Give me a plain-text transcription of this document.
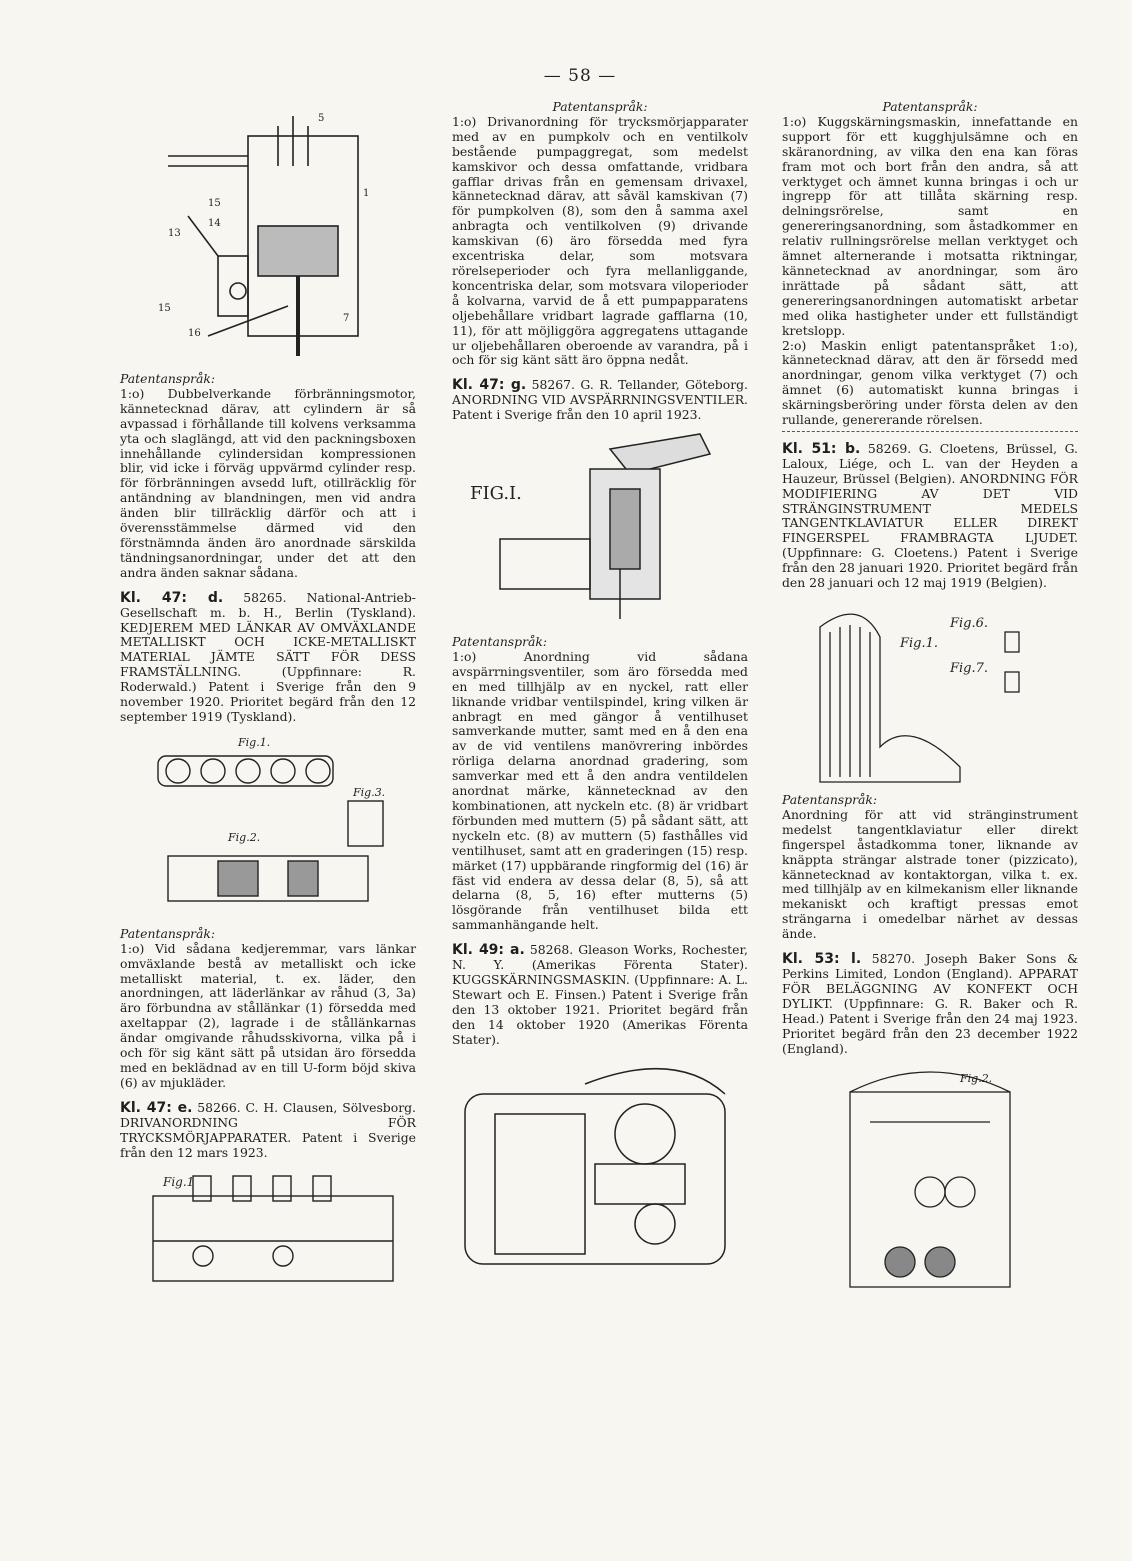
— 58 —
5
1
15
14
13
15
16
7

Patentanspråk:

1:o) Dubbelverkande förbränningsmotor, kännetecknad därav, att cylindern är så avpassad i förhållande till kolvens verksamma yta och slaglängd, att vid den packningsboxen innehållande cylindersidan kompressionen blir, vid icke i förväg uppvärmd cylinder resp. för förbränningen avsedd luft, otillräcklig för antändning av blandningen, men vid andra änden blir tillräcklig därför och att i överensstämmelse därmed vid den förstnämnda änden äro anordnade särskilda tändningsanordningar, under det att den andra änden saknar sådana.

Kl. 47: d. 58265. National-Antrieb-Gesellschaft m. b. H., Berlin (Tyskland). KEDJEREM MED LÄNKAR AV OMVÄXLANDE METALLISKT OCH ICKE-METALLISKT MATERIAL JÄMTE SÄTT FÖR DESS FRAMSTÄLLNING. (Uppfinnare: R. Roderwald.) Patent i Sverige från den 9 november 1920. Prioritet begärd från den 12 september 1919 (Tyskland).

Fig.1.
Fig.2.
Fig.3.

Patentanspråk:

1:o) Vid sådana kedjeremmar, vars länkar omväxlande bestå av metalliskt och icke metalliskt material, t. ex. läder, den anordningen, att läderlänkar av råhud (3, 3a) äro förbundna av stållänkar (1) försedda med axeltappar (2), lagrade i de stållänkarnas ändar omgivande råhudsskivorna, vilka på i och för sig känt sätt på utsidan äro försedda med en beklädnad av en till U-form böjd skiva (6) av mjukläder.

Kl. 47: e. 58266. C. H. Clausen, Sölvesborg. DRIVANORDNING FÖR TRYCKSMÖRJAPPARATER. Patent i Sverige från den 12 mars 1923.

Fig.1

Patentanspråk:

1:o) Drivanordning för trycksmörjapparater med av en pumpkolv och en ventilkolv bestående pumpaggregat, som medelst kamskivor och dessa omfattande, vridbara gafflar drivas från en gemensam drivaxel, kännetecknad därav, att såväl kamskivan (7) för pumpkolven (8), som den å samma axel anbragta och ventilkolven (9) drivande kamskivan (6) äro försedda med fyra excentriska delar, som motsvara rörelseperioder och fyra mellanliggande, koncentriska delar, som motsvara viloperioder å kolvarna, varvid de å ett pumpapparatens oljebehållare vridbart lagrade gafflarna (10, 11), för att möjliggöra aggregatens uttagande ur oljebehållaren oberoende av varandra, på i och för sig känt sätt äro öppna nedåt.

Kl. 47: g. 58267. G. R. Tellander, Göteborg. ANORDNING VID AVSPÄRRNINGSVENTILER. Patent i Sverige från den 10 april 1923.

FIG.I.

Patentanspråk:

1:o) Anordning vid sådana avspärrningsventiler, som äro försedda med en med tillhjälp av en nyckel, ratt eller liknande vridbar ventilspindel, kring vilken är anbragt en med gängor å ventilhuset samverkande mutter, samt med en å den ena av de vid ventilens manövrering inbördes rörliga delarna anordnad gradering, som samverkar med ett å den andra ventildelen anordnat märke, kännetecknad av den kombinationen, att nyckeln etc. (8) är vridbart förbunden med muttern (5) på sådant sätt, att nyckeln etc. (8) av muttern (5) fasthålles vid ventilhuset, samt att en graderingen (15) resp. märket (17) uppbärande ringformig del (16) är fäst vid endera av dessa delar (8, 5), så att delarna (8, 5, 16) efter mutterns (5) lösgörande från ventilhuset bilda ett sammanhängande helt.

Kl. 49: a. 58268. Gleason Works, Rochester, N. Y. (Amerikas Förenta Stater). KUGGSKÄRNINGSMASKIN. (Uppfinnare: A. L. Stewart och E. Finsen.) Patent i Sverige från den 13 oktober 1921. Prioritet begärd från den 14 oktober 1920 (Amerikas Förenta Stater).

Patentanspråk:

1:o) Kuggskärningsmaskin, innefattande en support för ett kugghjulsämne och en skäranordning, av vilka den ena kan föras fram mot och bort från den andra, så att verktyget och ämnet kunna bringas i och ur ingrepp för att tillåta skärning resp. delningsrörelse, samt en genereringsanordning, som åstadkommer en relativ rullningsrörelse mellan verktyget och ämnet alternerande i motsatta riktningar, kännetecknad av anordningar, som äro inrättade på sådant sätt, att genereringsanordningen automatiskt arbetar med olika hastigheter under ett fullständigt kretslopp.

2:o) Maskin enligt patentanspråket 1:o), kännetecknad därav, att den är försedd med anordningar, genom vilka verktyget (7) och ämnet (6) automatiskt kunna bringas i skärningsberöring under första delen av den rullande, genererande rörelsen.

Kl. 51: b. 58269. G. Cloetens, Brüssel, G. Laloux, Liége, och L. van der Heyden a Hauzeur, Brüssel (Belgien). ANORDNING FÖR MODIFIERING AV DET VID STRÄNGINSTRUMENT MEDELS TANGENTKLAVIATUR ELLER DIREKT FINGERSPEL FRAMBRAGTA LJUDET. (Uppfinnare: G. Cloetens.) Patent i Sverige från den 28 januari 1920. Prioritet begärd från den 28 januari och 12 maj 1919 (Belgien).

Fig.6.
Fig.1.
Fig.7.

Patentanspråk:

Anordning för att vid stränginstrument medelst tangentklaviatur eller direkt fingerspel åstadkomma toner, liknande av knäppta strängar alstrade toner (pizzicato), kännetecknad av kontaktorgan, vilka t. ex. med tillhjälp av en kilmekanism eller liknande mekaniskt och kraftigt pressas emot strängarna i omedelbar närhet av dessas ände.

Kl. 53: l. 58270. Joseph Baker Sons & Perkins Limited, London (England). APPARAT FÖR BELÄGGNING AV KONFEKT OCH DYLIKT. (Uppfinnare: G. R. Baker och R. Head.) Patent i Sverige från den 24 maj 1923. Prioritet begärd från den 23 december 1922 (England).

Fig.2.
